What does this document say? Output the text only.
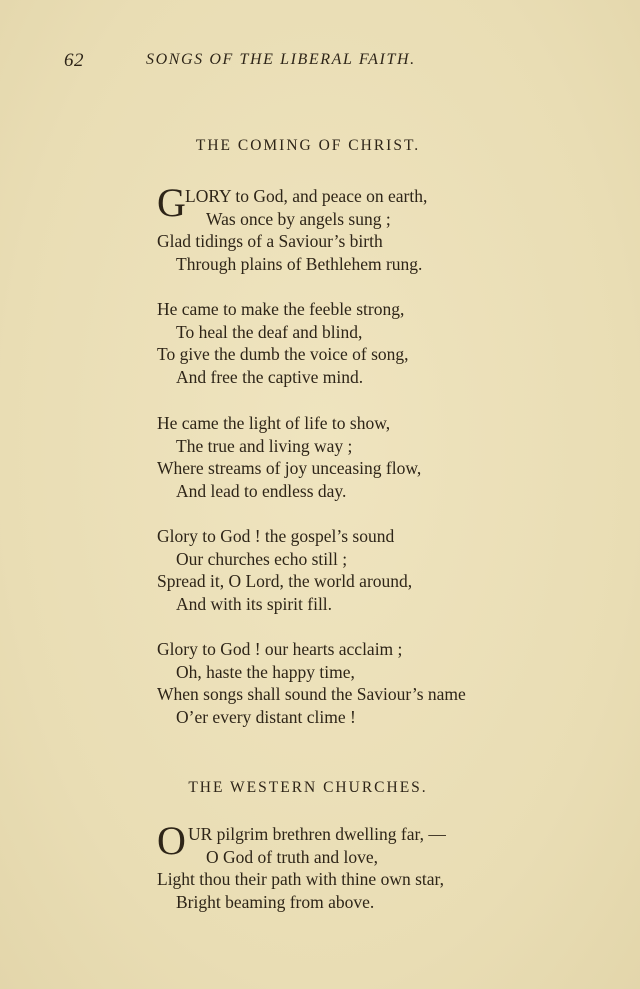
62	SONGS OF THE LIBERAL FAITH.
THE COMING OF CHRIST.
G LORY to God, and peace on earth,
Was once by angels sung ;
Glad tidings of a Saviour’s birth
Through plains of Bethlehem rung.
He came to make the feeble strong,
To heal the deaf and blind,
To give the dumb the voice of song,
And free the captive mind.
He came the light of life to show,
The true and living way ;
Where streams of joy unceasing flow,
And lead to endless day.
Glory to God ! the gospel’s sound
Our churches echo still ;
Spread it, O Lord, the world around,
And with its spirit fill.
Glory to God ! our hearts acclaim ;
Oh, haste the happy time,
When songs shall sound the Saviour’s name
O’er every distant clime !
THE WESTERN CHURCHES.
O UR pilgrim brethren dwelling far, —
O God of truth and love,
Light thou their path with thine own star,
Bright beaming from above.
